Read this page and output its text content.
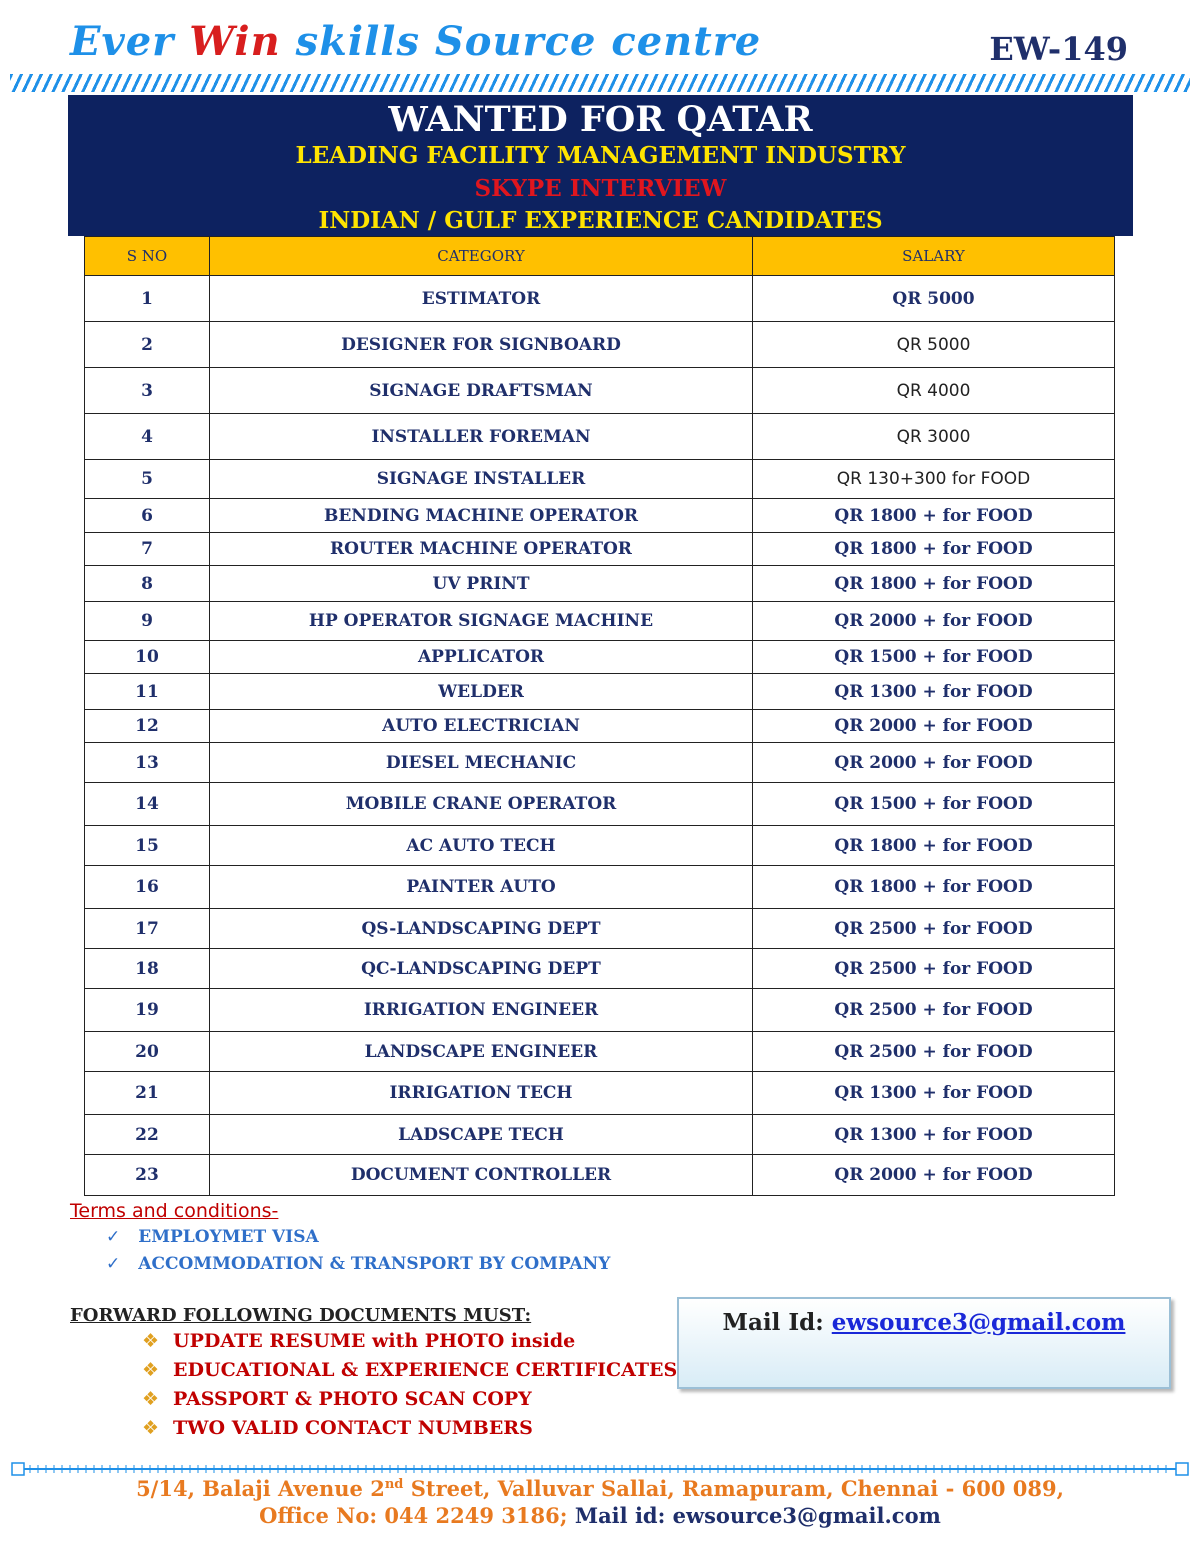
Ever Win skills Source centre	EW-149
WANTED FOR QATAR
LEADING FACILITY MANAGEMENT INDUSTRY
SKYPE INTERVIEW
INDIAN / GULF EXPERIENCE CANDIDATES
S NO	CATEGORY	SALARY
1	ESTIMATOR	QR 5000
2	DESIGNER FOR SIGNBOARD	QR 5000
3	SIGNAGE DRAFTSMAN	QR 4000
4	INSTALLER FOREMAN	QR 3000
5	SIGNAGE INSTALLER	QR 130+300 for FOOD
6	BENDING MACHINE OPERATOR	QR 1800 + for FOOD
7	ROUTER MACHINE OPERATOR	QR 1800 + for FOOD
8	UV PRINT	QR 1800 + for FOOD
9	HP OPERATOR SIGNAGE MACHINE	QR 2000 + for FOOD
10	APPLICATOR	QR 1500 + for FOOD
11	WELDER	QR 1300 + for FOOD
12	AUTO ELECTRICIAN	QR 2000 + for FOOD
13	DIESEL MECHANIC	QR 2000 + for FOOD
14	MOBILE CRANE OPERATOR	QR 1500 + for FOOD
15	AC AUTO TECH	QR 1800 + for FOOD
16	PAINTER AUTO	QR 1800 + for FOOD
17	QS-LANDSCAPING DEPT	QR 2500 + for FOOD
18	QC-LANDSCAPING DEPT	QR 2500 + for FOOD
19	IRRIGATION ENGINEER	QR 2500 + for FOOD
20	LANDSCAPE ENGINEER	QR 2500 + for FOOD
21	IRRIGATION TECH	QR 1300 + for FOOD
22	LADSCAPE TECH	QR 1300 + for FOOD
23	DOCUMENT CONTROLLER	QR 2000 + for FOOD
Terms and conditions-
✓ EMPLOYMET VISA
✓ ACCOMMODATION & TRANSPORT BY COMPANY
FORWARD FOLLOWING DOCUMENTS MUST:
❖ UPDATE RESUME with PHOTO inside
❖ EDUCATIONAL & EXPERIENCE CERTIFICATES
❖ PASSPORT & PHOTO SCAN COPY
❖ TWO VALID CONTACT NUMBERS
Mail Id: ewsource3@gmail.com
5/14, Balaji Avenue 2nd Street, Valluvar Sallai, Ramapuram, Chennai - 600 089,
Office No: 044 2249 3186; Mail id: ewsource3@gmail.com
